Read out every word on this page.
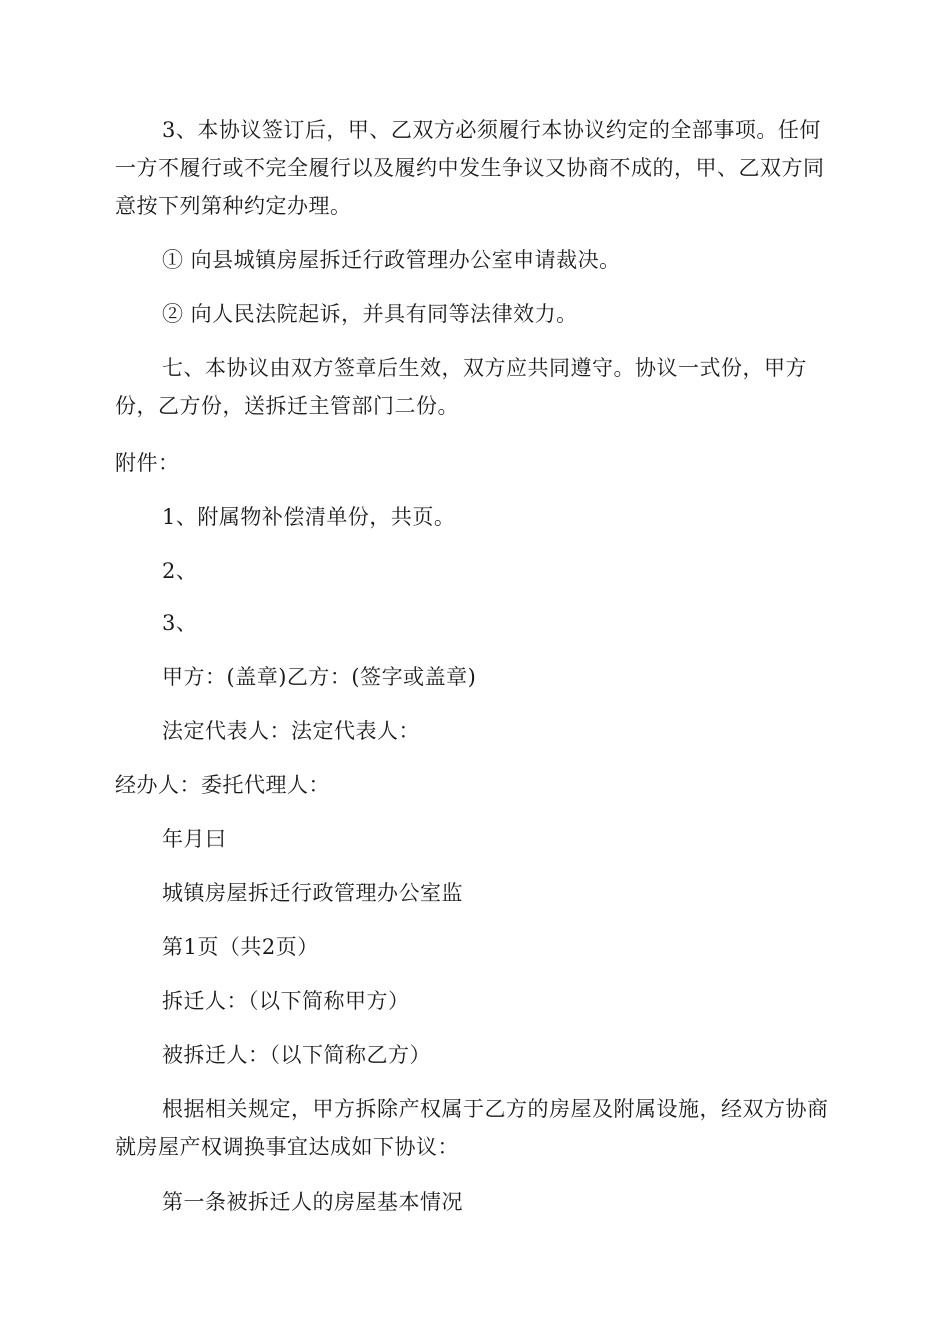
3、本协议签订后，甲、乙双方必须履行本协议约定的全部事项。任何一方不履行或不完全履行以及履约中发生争议又协商不成的，甲、乙双方同意按下列第种约定办理。
① 向县城镇房屋拆迁行政管理办公室申请裁决。
② 向人民法院起诉，并具有同等法律效力。
七、本协议由双方签章后生效，双方应共同遵守。协议一式份，甲方份，乙方份，送拆迁主管部门二份。
附件：
1、附属物补偿清单份，共页。
2、
3、
甲方：(盖章)乙方：(签字或盖章)
法定代表人：法定代表人：
经办人：委托代理人：
年月曰
城镇房屋拆迁行政管理办公室监
第1页（共2页）
拆迁人：（以下简称甲方）
被拆迁人：（以下简称乙方）
根据相关规定，甲方拆除产权属于乙方的房屋及附属设施，经双方协商就房屋产权调换事宜达成如下协议：
第一条被拆迁人的房屋基本情况
